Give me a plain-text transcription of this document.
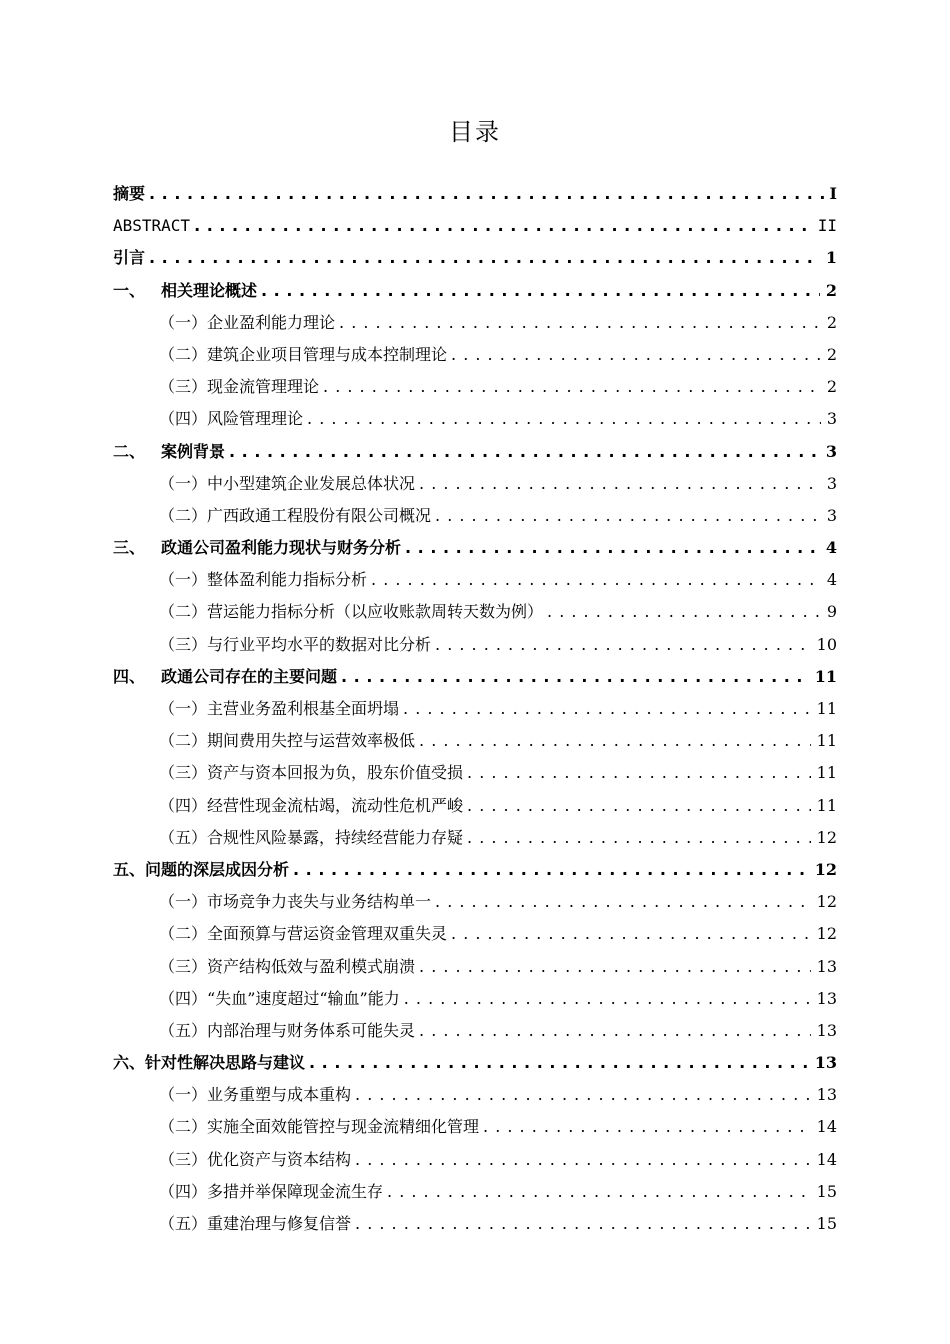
目录
摘要 . . .	I
ABSTRACT . . .	II
引言 . . .	1
一、 相关理论概述 . . .	2
（一） 企业盈利能力理论 . . .	2
（二） 建筑企业项目管理与成本控制理论 . . .	2
（三） 现金流管理理论 . . .	2
（四） 风险管理理论 . . .	3
二、 案例背景 . . .	3
（一） 中小型建筑企业发展总体状况 . . .	3
（二） 广西政通工程股份有限公司概况 . . .	3
三、 政通公司盈利能力现状与财务分析 . . .	4
（一） 整体盈利能力指标分析 . . .	4
（二） 营运能力指标分析（以应收账款周转天数为例） . . .	9
（三） 与行业平均水平的数据对比分析 . . .	10
四、 政通公司存在的主要问题 . . .	11
（一） 主营业务盈利根基全面坍塌 . . .	11
（二） 期间费用失控与运营效率极低 . . .	11
（三） 资产与资本回报为负，股东价值受损 . . .	11
（四） 经营性现金流枯竭，流动性危机严峻 . . .	11
（五） 合规性风险暴露，持续经营能力存疑 . . .	12
五、问题的深层成因分析 . . .	12
（一） 市场竞争力丧失与业务结构单一 . . .	12
（二） 全面预算与营运资金管理双重失灵 . . .	12
（三） 资产结构低效与盈利模式崩溃 . . .	13
（四） “失血”速度超过“输血”能力 . . .	13
（五） 内部治理与财务体系可能失灵 . . .	13
六、针对性解决思路与建议 . . .	13
（一） 业务重塑与成本重构 . . .	13
（二） 实施全面效能管控与现金流精细化管理 . . .	14
（三） 优化资产与资本结构 . . .	14
（四） 多措并举保障现金流生存 . . .	15
（五） 重建治理与修复信誉 . . .	15
